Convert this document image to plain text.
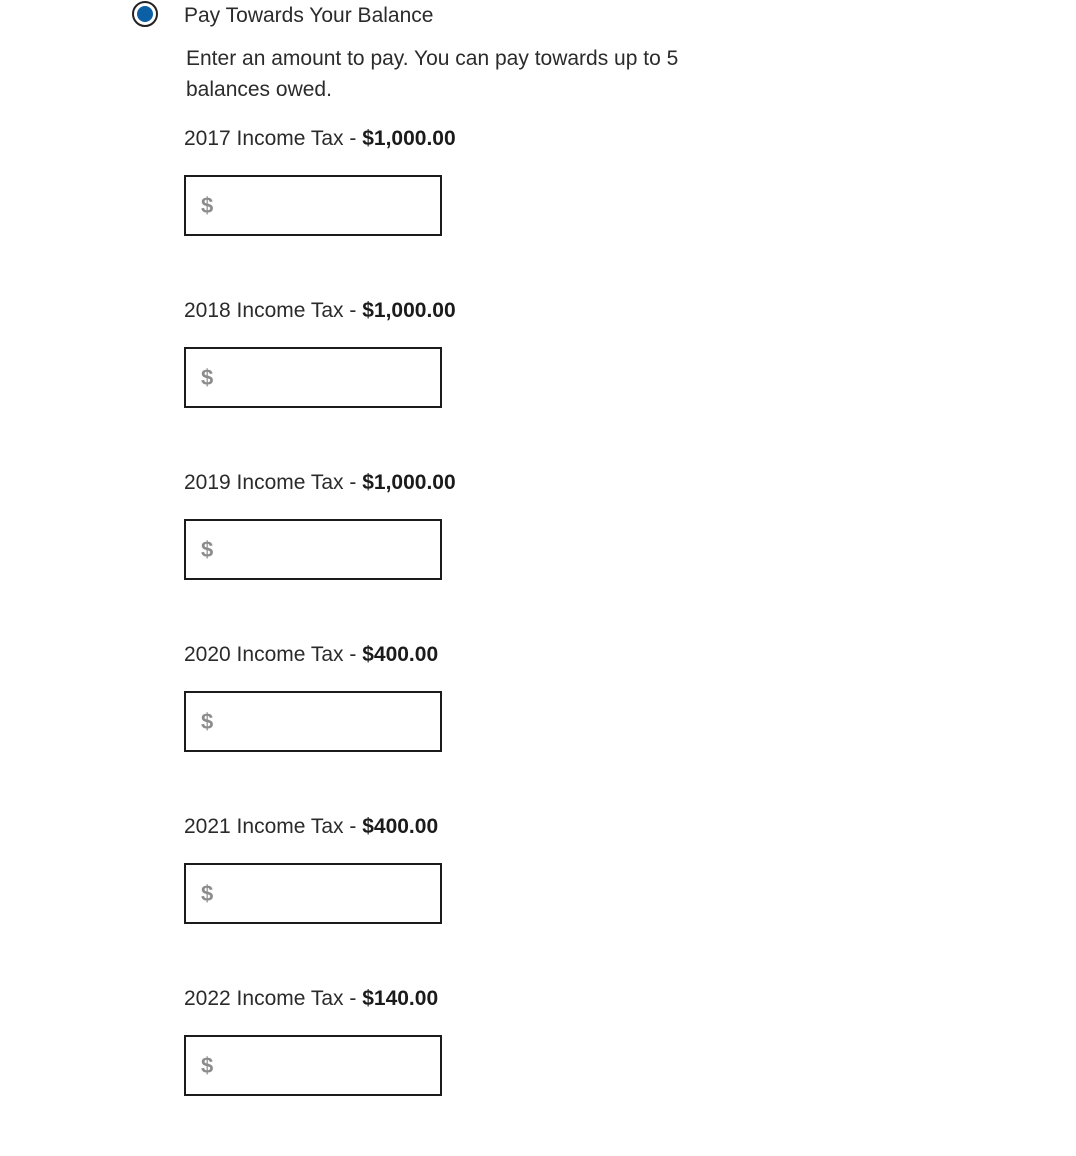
Pay Towards Your Balance
Enter an amount to pay. You can pay towards up to 5 balances owed.
2017 Income Tax - $1,000.00
$
2018 Income Tax - $1,000.00
$
2019 Income Tax - $1,000.00
$
2020 Income Tax - $400.00
$
2021 Income Tax - $400.00
$
2022 Income Tax - $140.00
$
